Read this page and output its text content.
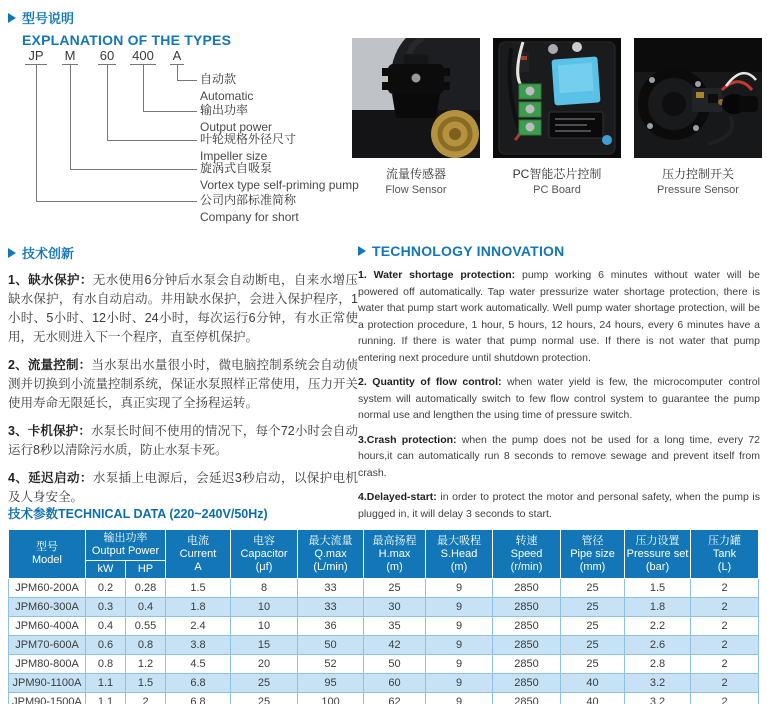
型号说明
EXPLANATION OF THE TYPES
JP M 60 400 A
自动款
Automatic
输出功率
Output power
叶轮规格外径尺寸
Impeller size
旋涡式自吸泵
Vortex type self-priming pump
公司内部标准简称
Company for short
流量传感器
Flow Sensor
PC智能芯片控制
PC Board
压力控制开关
Pressure Sensor
技术创新

1、缺水保护：无水使用6分钟后水泵会自动断电，自来水增压缺水保护，有水自动启动。井用缺水保护，会进入保护程序，1小时、5小时、12小时、24小时，每次运行6分钟，有水正常使用，无水则进入下一个程序，直至停机保护。

2、流量控制：当水泵出水量很小时，微电脑控制系统会自动侦测并切换到小流量控制系统，保证水泵照样正常使用，压力开关使用寿命无限延长，真正实现了全扬程运转。

3、卡机保护：水泵长时间不使用的情况下，每个72小时会自动运行8秒以清除污水质，防止水泵卡死。

4、延迟启动：水泵插上电源后，会延迟3秒启动，以保护电机及人身安全。

TECHNOLOGY INNOVATION

1. Water shortage protection: pump working 6 minutes without water will be powered off automatically. Tap water pressurize water shortage protection, there is water that pump start work automatically. Well pump water shortage protection, will be a protection procedure, 1 hour, 5 hours, 12 hours, 24 hours, every 6 minutes have a running. If there is water that pump normal use. If there is not water that pump entering next procedure until shutdown protection.

2. Quantity of flow control: when water yield is few, the microcomputer control system will automatically switch to few flow control system to guarantee the pump normal use and lengthen the using time of pressure switch.

3.Crash protection: when the pump does not be used for a long time, every 72 hours,it can automatically run 8 seconds to remove sewage and prevent itself from crash.

4.Delayed-start: in order to protect the motor and personal safety, when the pump is plugged in, it will delay 3 seconds to start.

技术参数TECHNICAL DATA (220~240V/50Hz)
型号
Model

输出功率
Output Power

电流
Current
A

电容
Capacitor
(μf)

最大流量
Q.max
(L/min)

最高扬程
H.max
(m)

最大吸程
S.Head
(m)

转速
Speed
(r/min)

管径
Pipe size
(mm)

压力设置
Pressure set
(bar)

压力罐
Tank
(L)

	kW	HP									
JPM60-200A	0.2	0.28	1.5	8	33	25	9	2850	25	1.5	2
JPM60-300A	0.3	0.4	1.8	10	33	30	9	2850	25	1.8	2
JPM60-400A	0.4	0.55	2.4	10	36	35	9	2850	25	2.2	2
JPM70-600A	0.6	0.8	3.8	15	50	42	9	2850	25	2.6	2
JPM80-800A	0.8	1.2	4.5	20	52	50	9	2850	25	2.8	2
JPM90-1100A	1.1	1.5	6.8	25	95	60	9	2850	40	3.2	2
JPM90-1500A	1.1	2	6.8	25	100	62	9	2850	40	3.2	2
